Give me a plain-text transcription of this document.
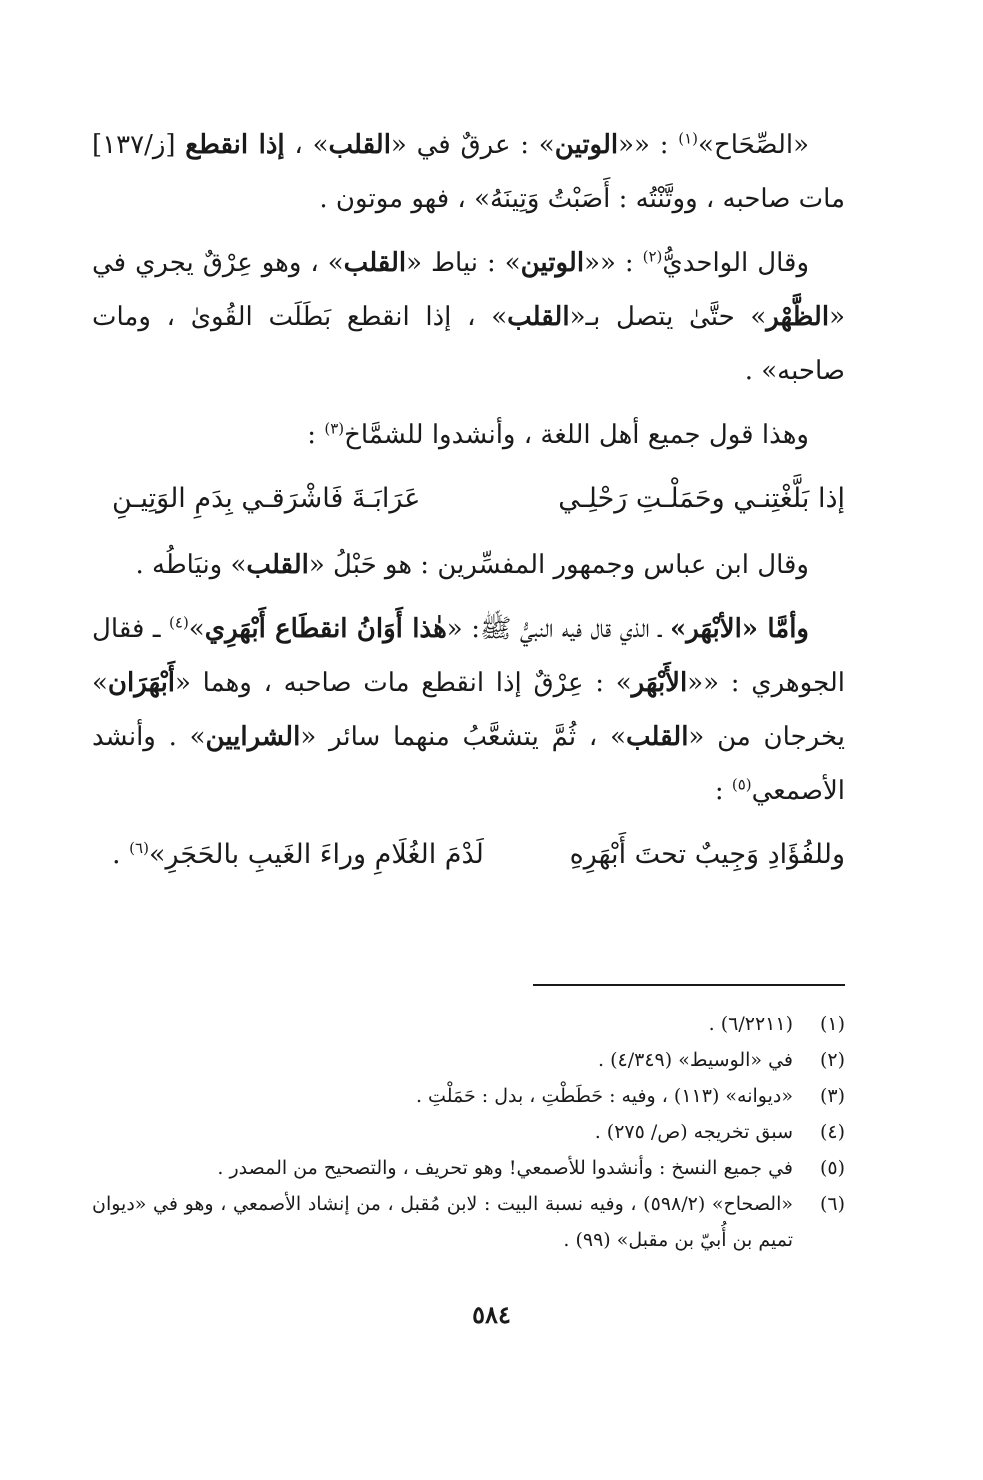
«الصِّحَاح»$^{(١)}$ : ««الوتين» : عرقٌ في «القلب» ، إذا انقطع [ز/١٣٧] مات صاحبه ، ووتَّنْتُه : أَصَبْتُ وَتِينَهُ» ، فهو موتون .

وقال الواحديُّ$^{(٢)}$ : ««الوتين» : نياط «القلب» ، وهو عِرْقٌ يجري في «الظَّهْر» حتَّىٰ يتصل بـ«القلب» ، إذا انقطع بَطَلَت القُوىٰ ، ومات صاحبه» .

وهذا قول جميع أهل اللغة ، وأنشدوا للشمَّاخ$^{(٣)}$ :

إذا بَلَّغْتِنـي وحَمَلْـتِ رَحْلِـي
عَرَابَـةَ فَاشْرَقـي بِدَمِ الوَتِيـنِ

وقال ابن عباس وجمهور المفسِّرين : هو حَبْلُ «القلب» ونيَاطُه .

وأمَّا «الأبْهَر» ـ الذي قال فيه النبيُّ ﷺ: «هٰذا أَوَانُ انقطَاع أَبْهَرِي»$^{(٤)}$ ـ فقال الجوهري : ««الأَبْهَر» : عِرْقٌ إذا انقطع مات صاحبه ، وهما «أَبْهَرَان» يخرجان من «القلب» ، ثُمَّ يتشعَّبُ منهما سائر «الشرايين» . وأنشد الأصمعي$^{(٥)}$ :

وللفُؤَادِ وَجِيبٌ تحتَ أَبْهَرِهِ
لَدْمَ الغُلَامِ وراءَ الغَيبِ بالحَجَرِ»$^{(٦)}$ .
(١)
(٦/٢٢١١) .
(٢)
في «الوسيط» (٤/٣٤٩) .
(٣)
«ديوانه» (١١٣) ، وفيه : حَطَطْتِ ، بدل : حَمَلْتِ .
(٤)
سبق تخريجه (ص/ ٢٧٥) .
(٥)
في جميع النسخ : وأنشدوا للأصمعي! وهو تحريف ، والتصحيح من المصدر .
(٦)
«الصحاح» (٥٩٨/٢) ، وفيه نسبة البيت : لابن مُقبل ، من إنشاد الأصمعي ، وهو في «ديوان تميم بن أُبيّ بن مقبل» (٩٩) .
٥٨٤
